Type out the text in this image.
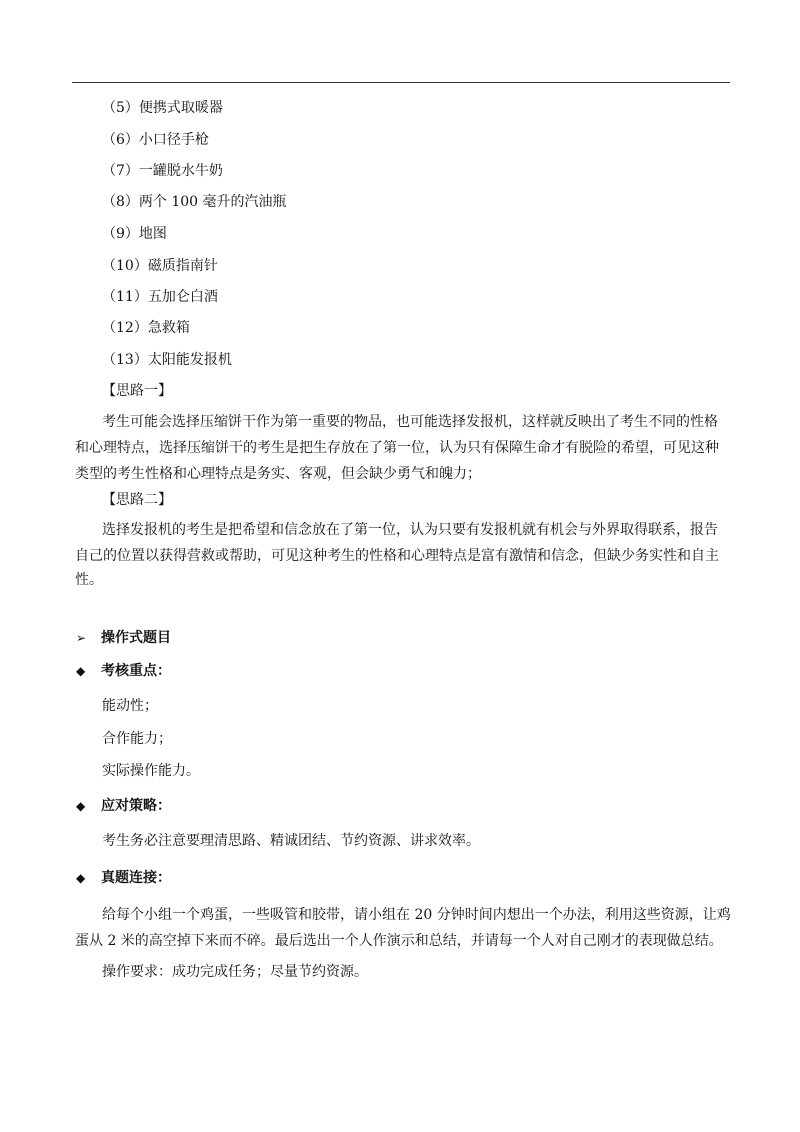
（5）便携式取暖器
（6）小口径手枪
（7）一罐脱水牛奶
（8）两个 100 毫升的汽油瓶
（9）地图
（10）磁质指南针
（11）五加仑白酒
（12）急救箱
（13）太阳能发报机
【思路一】
考生可能会选择压缩饼干作为第一重要的物品，也可能选择发报机，这样就反映出了考生不同的性格
和心理特点，选择压缩饼干的考生是把生存放在了第一位，认为只有保障生命才有脱险的希望，可见这种
类型的考生性格和心理特点是务实、客观，但会缺少勇气和魄力；
【思路二】
选择发报机的考生是把希望和信念放在了第一位，认为只要有发报机就有机会与外界取得联系，报告
自己的位置以获得营救或帮助，可见这种考生的性格和心理特点是富有激情和信念，但缺少务实性和自主
性。
➢ 操作式题目
◆ 考核重点：
能动性；
合作能力；
实际操作能力。
◆ 应对策略：
考生务必注意要理清思路、精诚团结、节约资源、讲求效率。
◆ 真题连接：
给每个小组一个鸡蛋，一些吸管和胶带，请小组在 20 分钟时间内想出一个办法，利用这些资源，让鸡
蛋从 2 米的高空掉下来而不碎。最后选出一个人作演示和总结，并请每一个人对自己刚才的表现做总结。
操作要求：成功完成任务；尽量节约资源。
